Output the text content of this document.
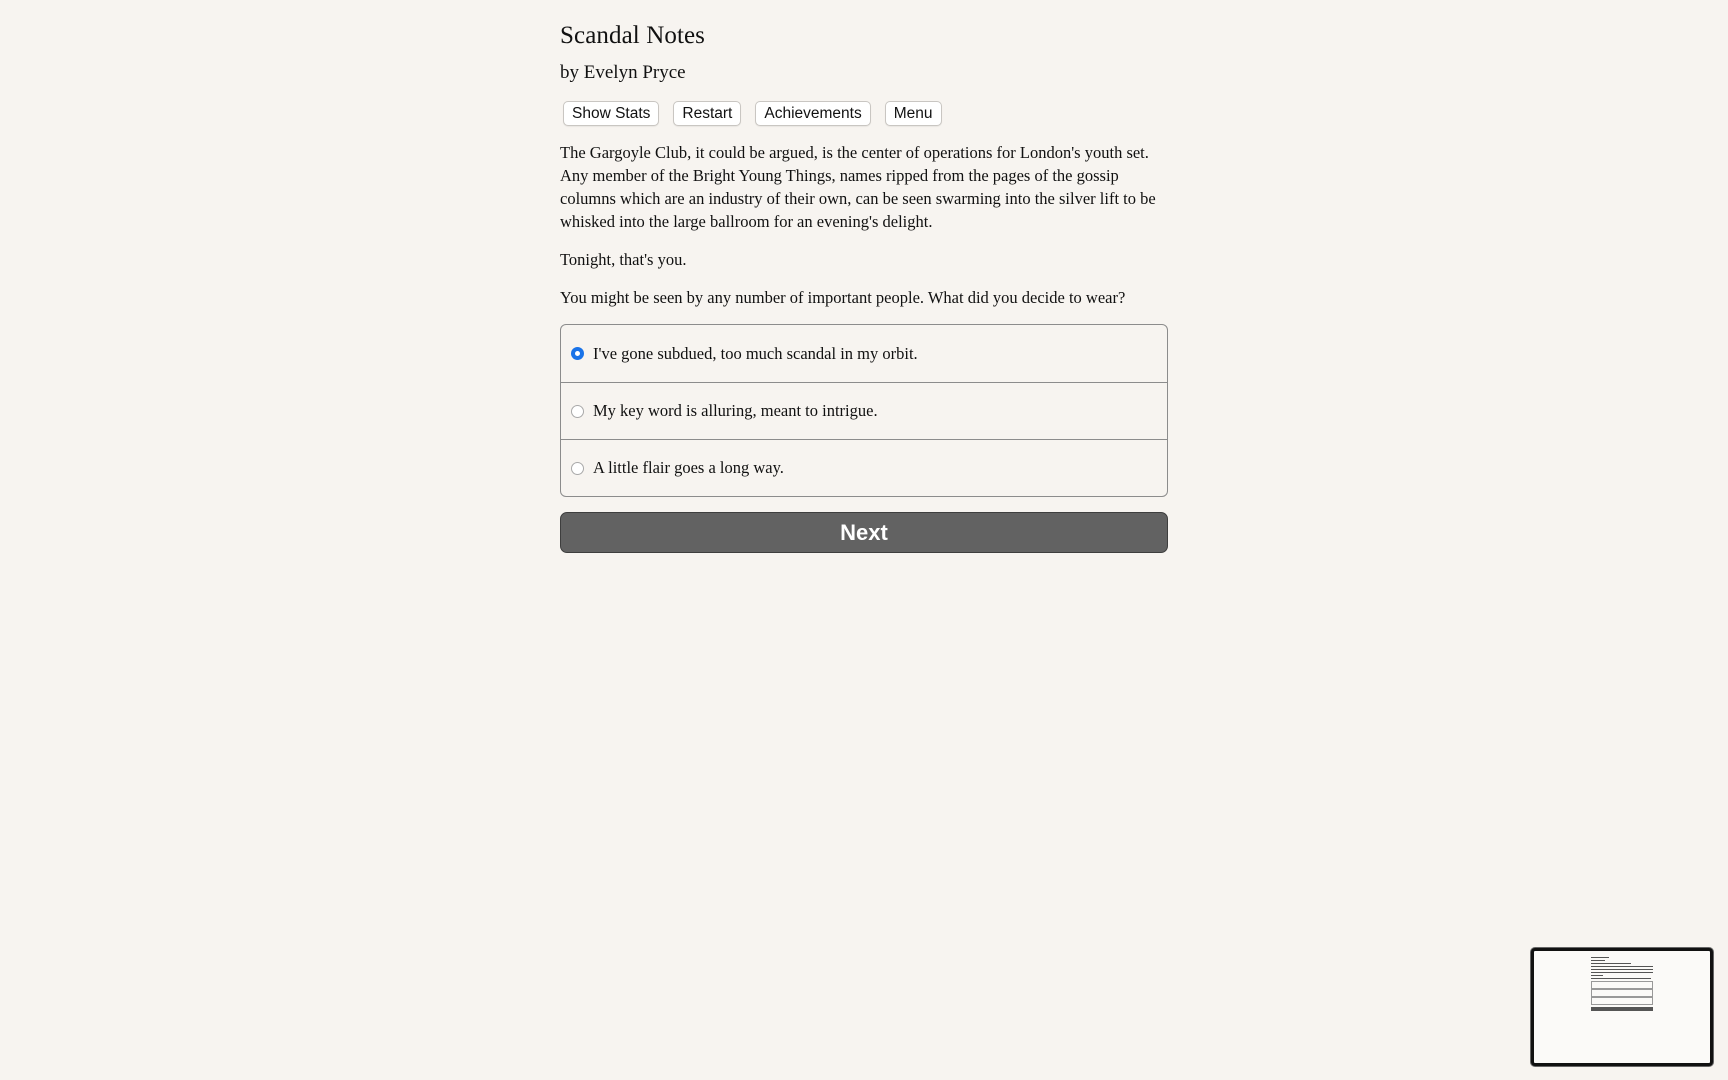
Scandal Notes
by Evelyn Pryce
Show Stats	Restart	Achievements	Menu

The Gargoyle Club, it could be argued, is the center of operations for London's youth set. Any member of the Bright Young Things, names ripped from the pages of the gossip columns which are an industry of their own, can be seen swarming into the silver lift to be whisked into the large ballroom for an evening's delight.

Tonight, that's you.

You might be seen by any number of important people. What did you decide to wear?

I've gone subdued, too much scandal in my orbit.
My key word is alluring, meant to intrigue.
A little flair goes a long way.
Next
